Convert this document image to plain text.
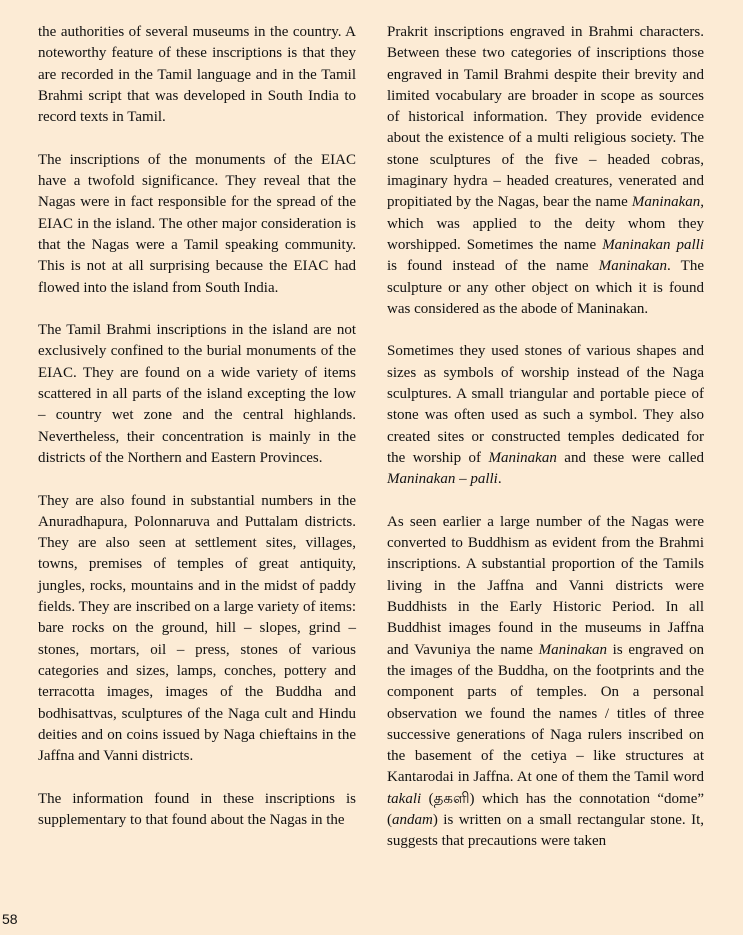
the authorities of several museums in the country. A noteworthy feature of these inscriptions is that they are recorded in the Tamil language and in the Tamil Brahmi script that was developed in South India to record texts in Tamil.

The inscriptions of the monuments of the EIAC have a twofold significance. They reveal that the Nagas were in fact responsible for the spread of the EIAC in the island. The other major consideration is that the Nagas were a Tamil speaking community. This is not at all surprising because the EIAC had flowed into the island from South India.

The Tamil Brahmi inscriptions in the island are not exclusively confined to the burial monuments of the EIAC. They are found on a wide variety of items scattered in all parts of the island excepting the low – country wet zone and the central highlands. Nevertheless, their concentration is mainly in the districts of the Northern and Eastern Provinces.

They are also found in substantial numbers in the Anuradhapura, Polonnaruva and Puttalam districts. They are also seen at settlement sites, villages, towns, premises of temples of great antiquity, jungles, rocks, mountains and in the midst of paddy fields. They are inscribed on a large variety of items: bare rocks on the ground, hill – slopes, grind – stones, mortars, oil – press, stones of various categories and sizes, lamps, conches, pottery and terracotta images, images of the Buddha and bodhisattvas, sculptures of the Naga cult and Hindu deities and on coins issued by Naga chieftains in the Jaffna and Vanni districts.

The information found in these inscriptions is supplementary to that found about the Nagas in the

Prakrit inscriptions engraved in Brahmi characters. Between these two categories of inscriptions those engraved in Tamil Brahmi despite their brevity and limited vocabulary are broader in scope as sources of historical information. They provide evidence about the existence of a multi religious society. The stone sculptures of the five – headed cobras, imaginary hydra – headed creatures, venerated and propitiated by the Nagas, bear the name Maninakan, which was applied to the deity whom they worshipped. Sometimes the name Maninakan palli is found instead of the name Maninakan. The sculpture or any other object on which it is found was considered as the abode of Maninakan.

Sometimes they used stones of various shapes and sizes as symbols of worship instead of the Naga sculptures. A small triangular and portable piece of stone was often used as such a symbol. They also created sites or constructed temples dedicated for the worship of Maninakan and these were called Maninakan – palli.

As seen earlier a large number of the Nagas were converted to Buddhism as evident from the Brahmi inscriptions. A substantial proportion of the Tamils living in the Jaffna and Vanni districts were Buddhists in the Early Historic Period. In all Buddhist images found in the museums in Jaffna and Vavuniya the name Maninakan is engraved on the images of the Buddha, on the footprints and the component parts of temples. On a personal observation we found the names / titles of three successive generations of Naga rulers inscribed on the basement of the cetiya – like structures at Kantarodai in Jaffna. At one of them the Tamil word takali (தகளி) which has the connotation “dome” (andam) is written on a small rectangular stone. It, suggests that precautions were taken

58
